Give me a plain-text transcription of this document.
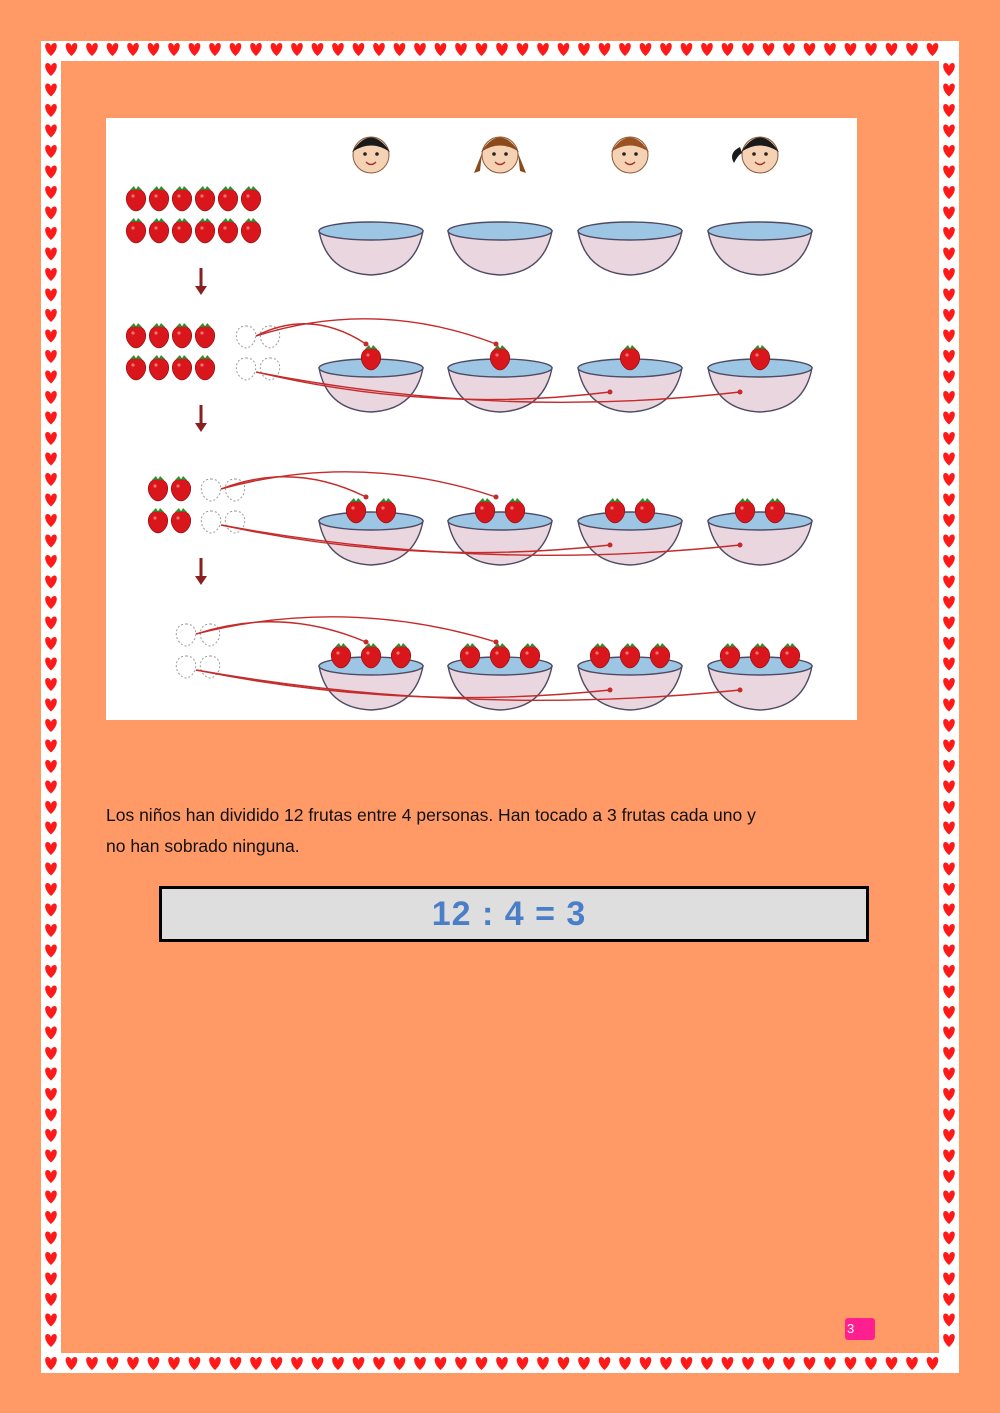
Los niños han dividido 12 frutas entre 4 personas. Han tocado a 3 frutas cada uno y
no han sobrado ninguna.
12 : 4 = 3
3
